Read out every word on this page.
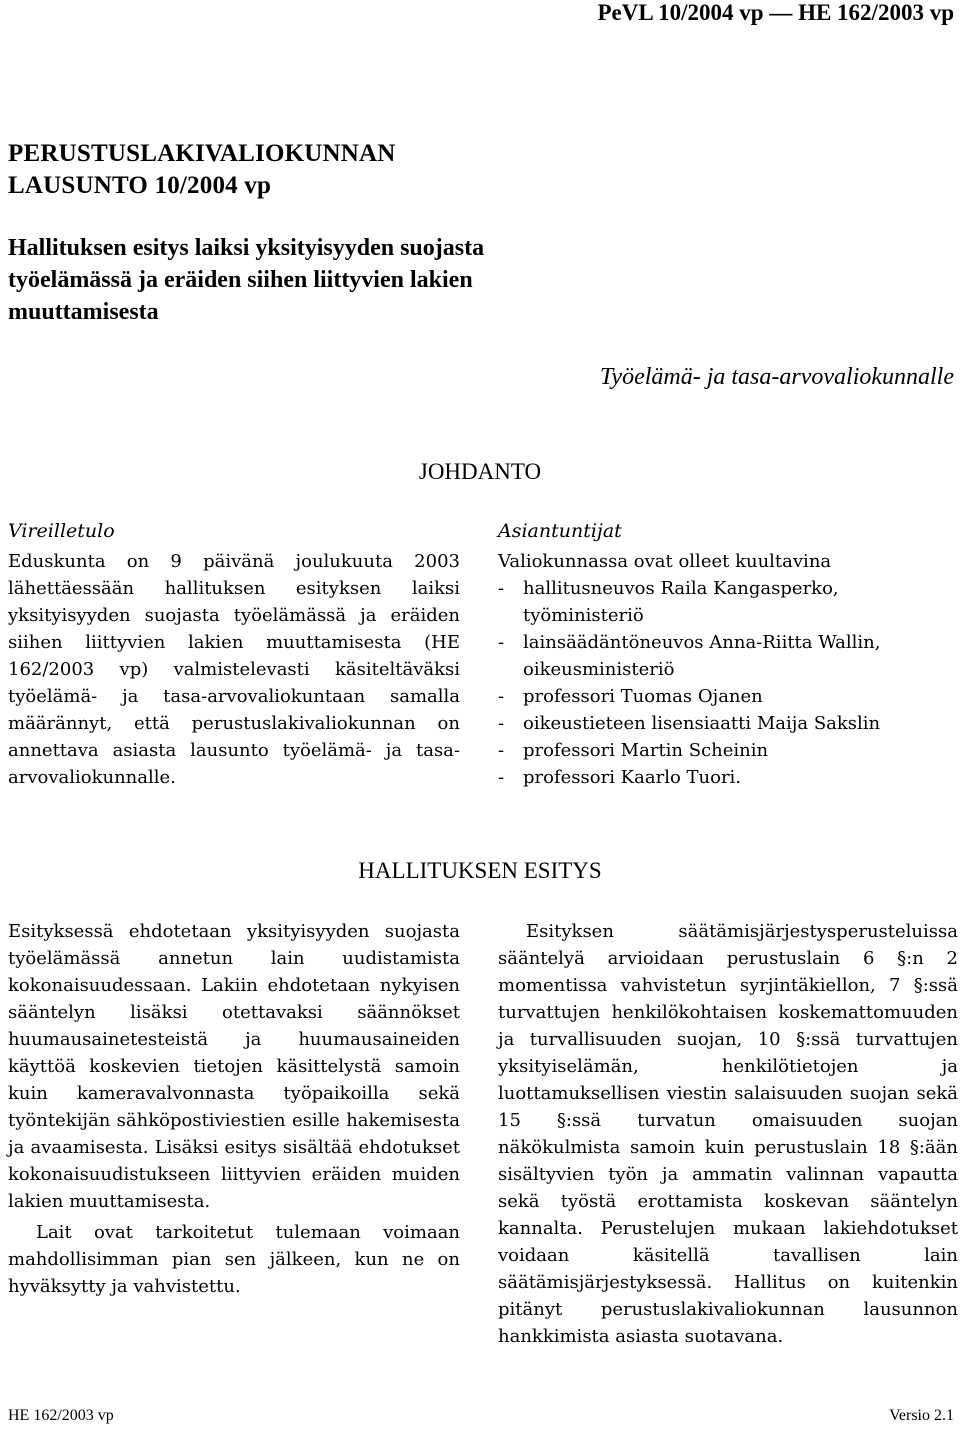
PeVL 10/2004 vp — HE 162/2003 vp
PERUSTUSLAKIVALIOKUNNAN
LAUSUNTO 10/2004 vp
Hallituksen esitys laiksi yksityisyyden suojasta
työelämässä ja eräiden siihen liittyvien lakien
muuttamisesta
Työelämä- ja tasa-arvovaliokunnalle
JOHDANTO
Vireilletulo

Eduskunta on 9 päivänä joulukuuta 2003 lähettäessään hallituksen esityksen laiksi yksityisyyden suojasta työelämässä ja eräiden siihen liittyvien lakien muuttamisesta (HE 162/2003 vp) valmistelevasti käsiteltäväksi työelämä- ja tasa-arvovaliokuntaan samalla määrännyt, että perustuslakivaliokunnan on annettava asiasta lausunto työelämä- ja tasa-arvovaliokunnalle.

Asiantuntijat
Valiokunnassa ovat olleet kuultavina
- hallitusneuvos Raila Kangasperko, työministeriö
- lainsäädäntöneuvos Anna-Riitta Wallin, oikeusministeriö
- professori Tuomas Ojanen
- oikeustieteen lisensiaatti Maija Sakslin
- professori Martin Scheinin
- professori Kaarlo Tuori.
HALLITUKSEN ESITYS

Esityksessä ehdotetaan yksityisyyden suojasta työelämässä annetun lain uudistamista kokonaisuudessaan. Lakiin ehdotetaan nykyisen sääntelyn lisäksi otettavaksi säännökset huumausainetesteistä ja huumausaineiden käyttöä koskevien tietojen käsittelystä samoin kuin kameravalvonnasta työpaikoilla sekä työntekijän sähköpostiviestien esille hakemisesta ja avaamisesta. Lisäksi esitys sisältää ehdotukset kokonaisuudistukseen liittyvien eräiden muiden lakien muuttamisesta.

Lait ovat tarkoitetut tulemaan voimaan mahdollisimman pian sen jälkeen, kun ne on hyväksytty ja vahvistettu.

Esityksen säätämisjärjestysperusteluissa sääntelyä arvioidaan perustuslain 6 §:n 2 momentissa vahvistetun syrjintäkiellon, 7 §:ssä turvattujen henkilökohtaisen koskemattomuuden ja turvallisuuden suojan, 10 §:ssä turvattujen yksityiselämän, henkilötietojen ja luottamuksellisen viestin salaisuuden suojan sekä 15 §:ssä turvatun omaisuuden suojan näkökulmista samoin kuin perustuslain 18 §:ään sisältyvien työn ja ammatin valinnan vapautta sekä työstä erottamista koskevan sääntelyn kannalta. Perustelujen mukaan lakiehdotukset voidaan käsitellä tavallisen lain säätämisjärjestyksessä. Hallitus on kuitenkin pitänyt perustuslakivaliokunnan lausunnon hankkimista asiasta suotavana.

HE 162/2003 vp	Versio 2.1
